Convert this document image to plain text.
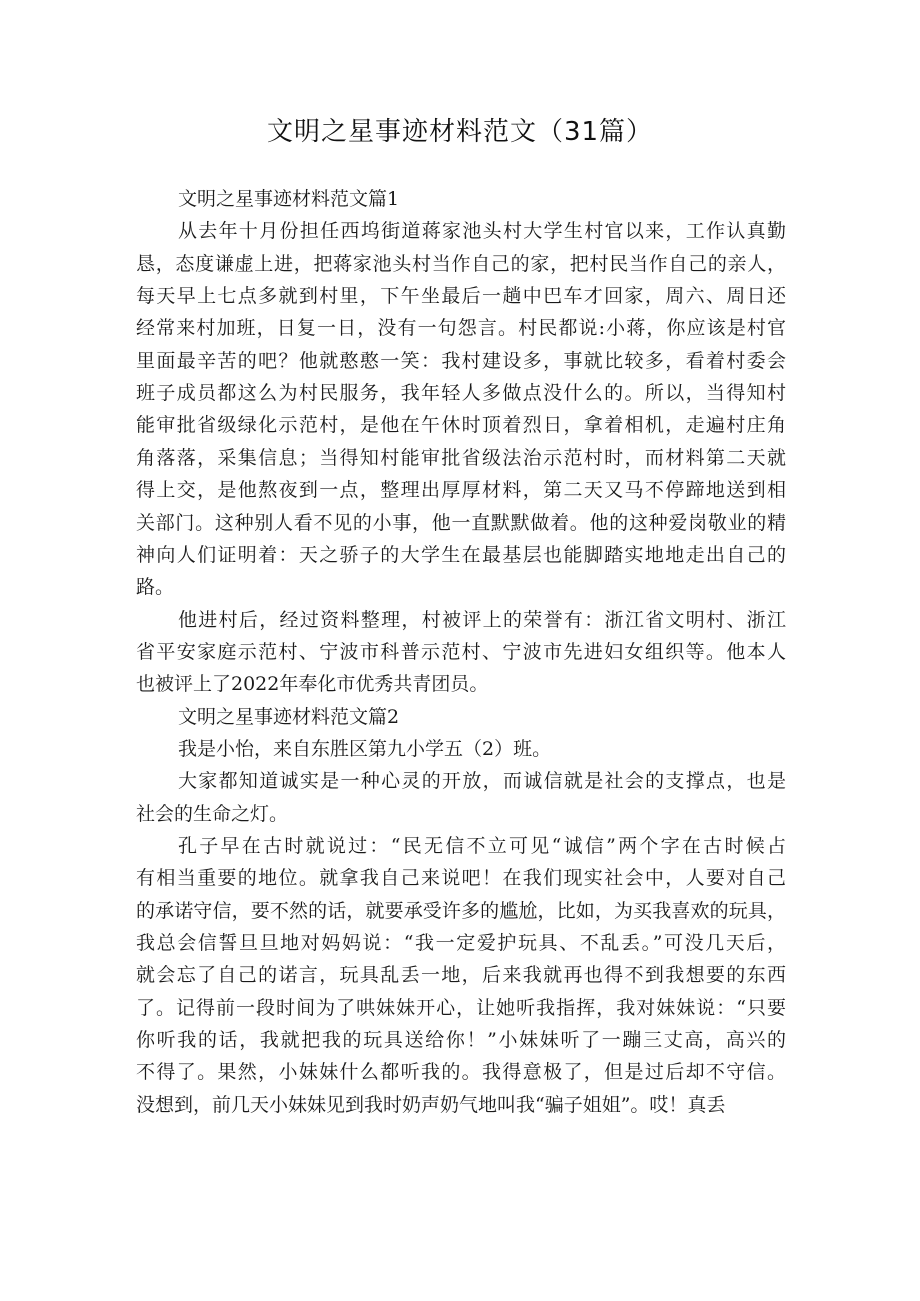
文明之星事迹材料范文（31篇）
文明之星事迹材料范文篇1
从去年十月份担任西坞街道蒋家池头村大学生村官以来，工作认真勤
恳，态度谦虚上进，把蒋家池头村当作自己的家，把村民当作自己的亲人，
每天早上七点多就到村里，下午坐最后一趟中巴车才回家，周六、周日还
经常来村加班，日复一日，没有一句怨言。村民都说:小蒋，你应该是村官
里面最辛苦的吧？他就憨憨一笑：我村建设多，事就比较多，看着村委会
班子成员都这么为村民服务，我年轻人多做点没什么的。所以，当得知村
能审批省级绿化示范村，是他在午休时顶着烈日，拿着相机，走遍村庄角
角落落，采集信息；当得知村能审批省级法治示范村时，而材料第二天就
得上交，是他熬夜到一点，整理出厚厚材料，第二天又马不停蹄地送到相
关部门。这种别人看不见的小事，他一直默默做着。他的这种爱岗敬业的精
神向人们证明着：天之骄子的大学生在最基层也能脚踏实地地走出自己的
路。
他进村后，经过资料整理，村被评上的荣誉有：浙江省文明村、浙江
省平安家庭示范村、宁波市科普示范村、宁波市先进妇女组织等。他本人
也被评上了2022年奉化市优秀共青团员。
文明之星事迹材料范文篇2
我是小怡，来自东胜区第九小学五（2）班。
大家都知道诚实是一种心灵的开放，而诚信就是社会的支撑点，也是
社会的生命之灯。
孔子早在古时就说过：“民无信不立可见“诚信”两个字在古时候占
有相当重要的地位。就拿我自己来说吧！在我们现实社会中，人要对自己
的承诺守信，要不然的话，就要承受许多的尴尬，比如，为买我喜欢的玩具，
我总会信誓旦旦地对妈妈说：“我一定爱护玩具、不乱丢。”可没几天后，
就会忘了自己的诺言，玩具乱丢一地，后来我就再也得不到我想要的东西
了。记得前一段时间为了哄妹妹开心，让她听我指挥，我对妹妹说：“只要
你听我的话，我就把我的玩具送给你！”小妹妹听了一蹦三丈高，高兴的
不得了。果然，小妹妹什么都听我的。我得意极了，但是过后却不守信。
没想到，前几天小妹妹见到我时奶声奶气地叫我“骗子姐姐”。哎！真丢
